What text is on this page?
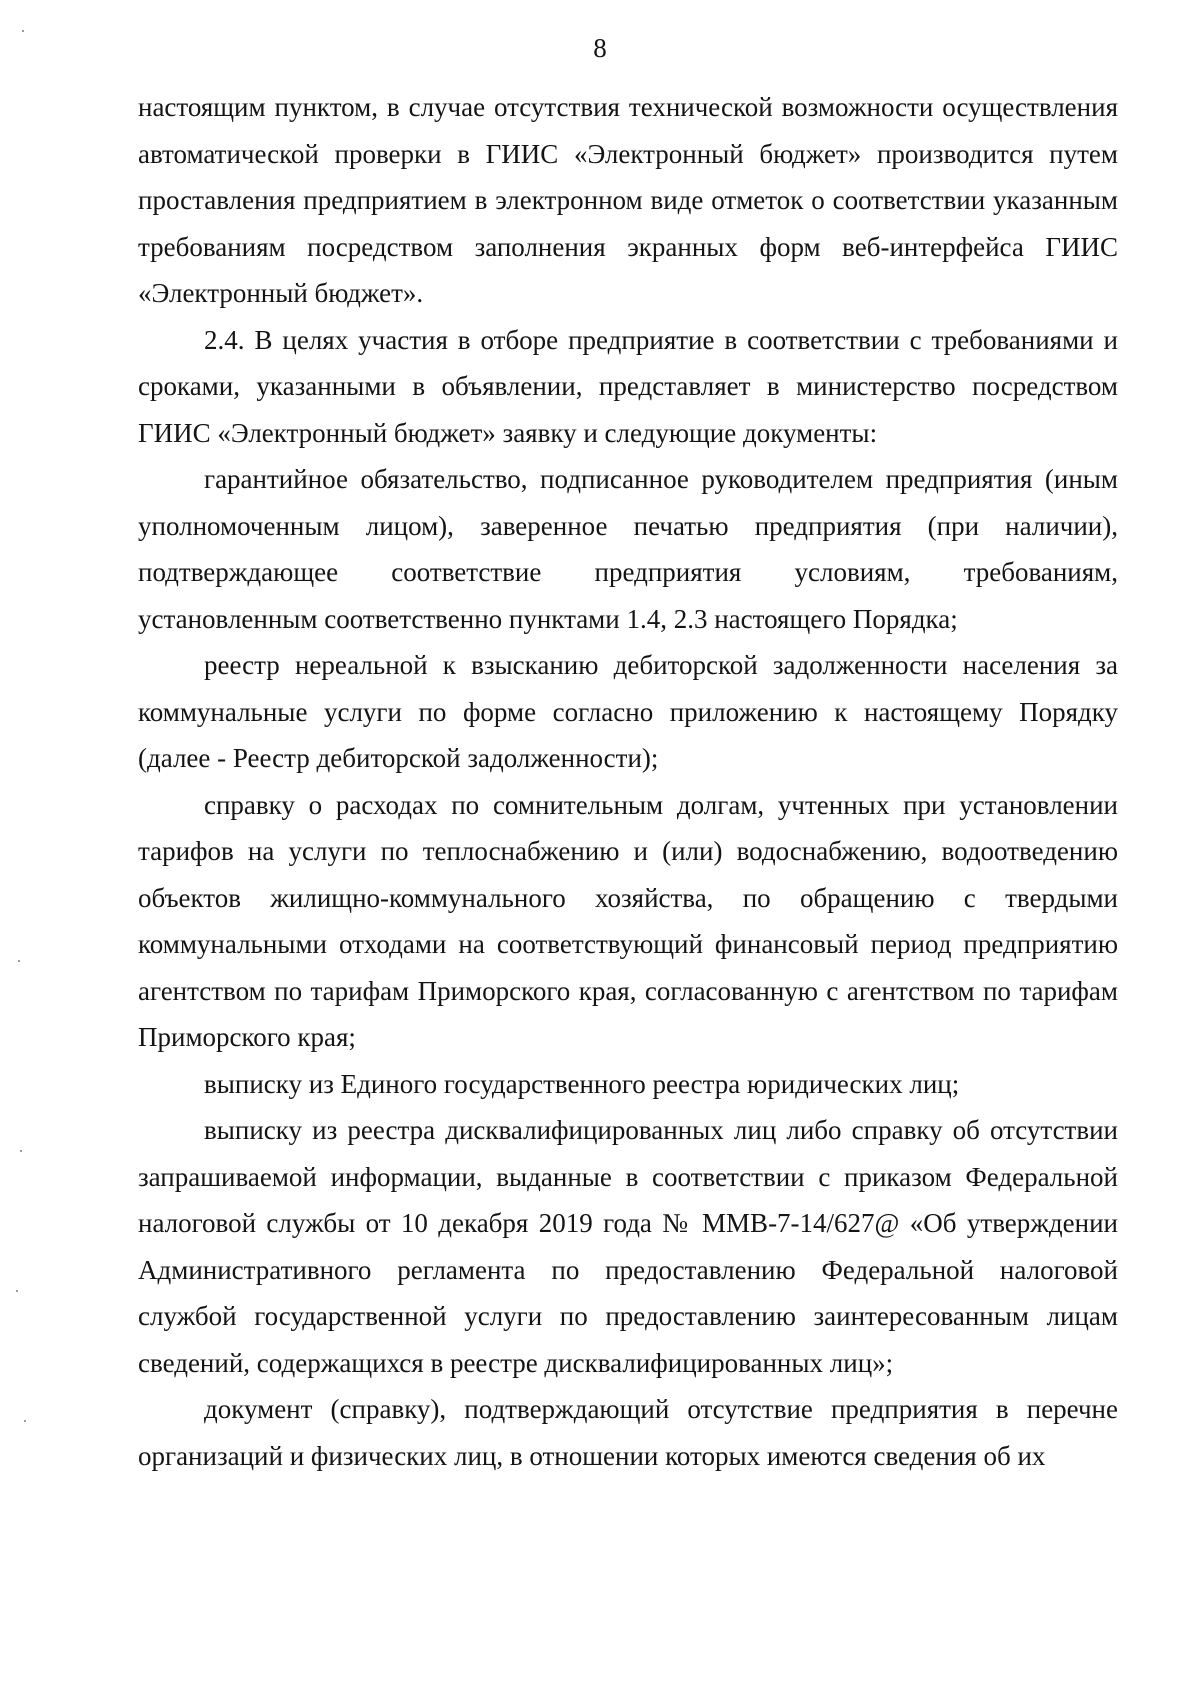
8

настоящим пунктом, в случае отсутствия технической возможности осуществления автоматической проверки в ГИИС «Электронный бюджет» производится путем проставления предприятием в электронном виде отметок о соответствии указанным требованиям посредством заполнения экранных форм веб-интерфейса ГИИС «Электронный бюджет».

2.4. В целях участия в отборе предприятие в соответствии с требованиями и сроками, указанными в объявлении, представляет в министерство посредством ГИИС «Электронный бюджет» заявку и следующие документы:

гарантийное обязательство, подписанное руководителем предприятия (иным уполномоченным лицом), заверенное печатью предприятия (при наличии), подтверждающее соответствие предприятия условиям, требованиям, установленным соответственно пунктами 1.4, 2.3 настоящего Порядка;

реестр нереальной к взысканию дебиторской задолженности населения за коммунальные услуги по форме согласно приложению к настоящему Порядку (далее - Реестр дебиторской задолженности);

справку о расходах по сомнительным долгам, учтенных при установлении тарифов на услуги по теплоснабжению и (или) водоснабжению, водоотведению объектов жилищно-коммунального хозяйства, по обращению с твердыми коммунальными отходами на соответствующий финансовый период предприятию агентством по тарифам Приморского края, согласованную с агентством по тарифам Приморского края;

выписку из Единого государственного реестра юридических лиц;

выписку из реестра дисквалифицированных лиц либо справку об отсутствии запрашиваемой информации, выданные в соответствии с приказом Федеральной налоговой службы от 10 декабря 2019 года № ММВ-7-14/627@ «Об утверждении Административного регламента по предоставлению Федеральной налоговой службой государственной услуги по предоставлению заинтересованным лицам сведений, содержащихся в реестре дисквалифицированных лиц»;

документ (справку), подтверждающий отсутствие предприятия в перечне организаций и физических лиц, в отношении которых имеются сведения об их
